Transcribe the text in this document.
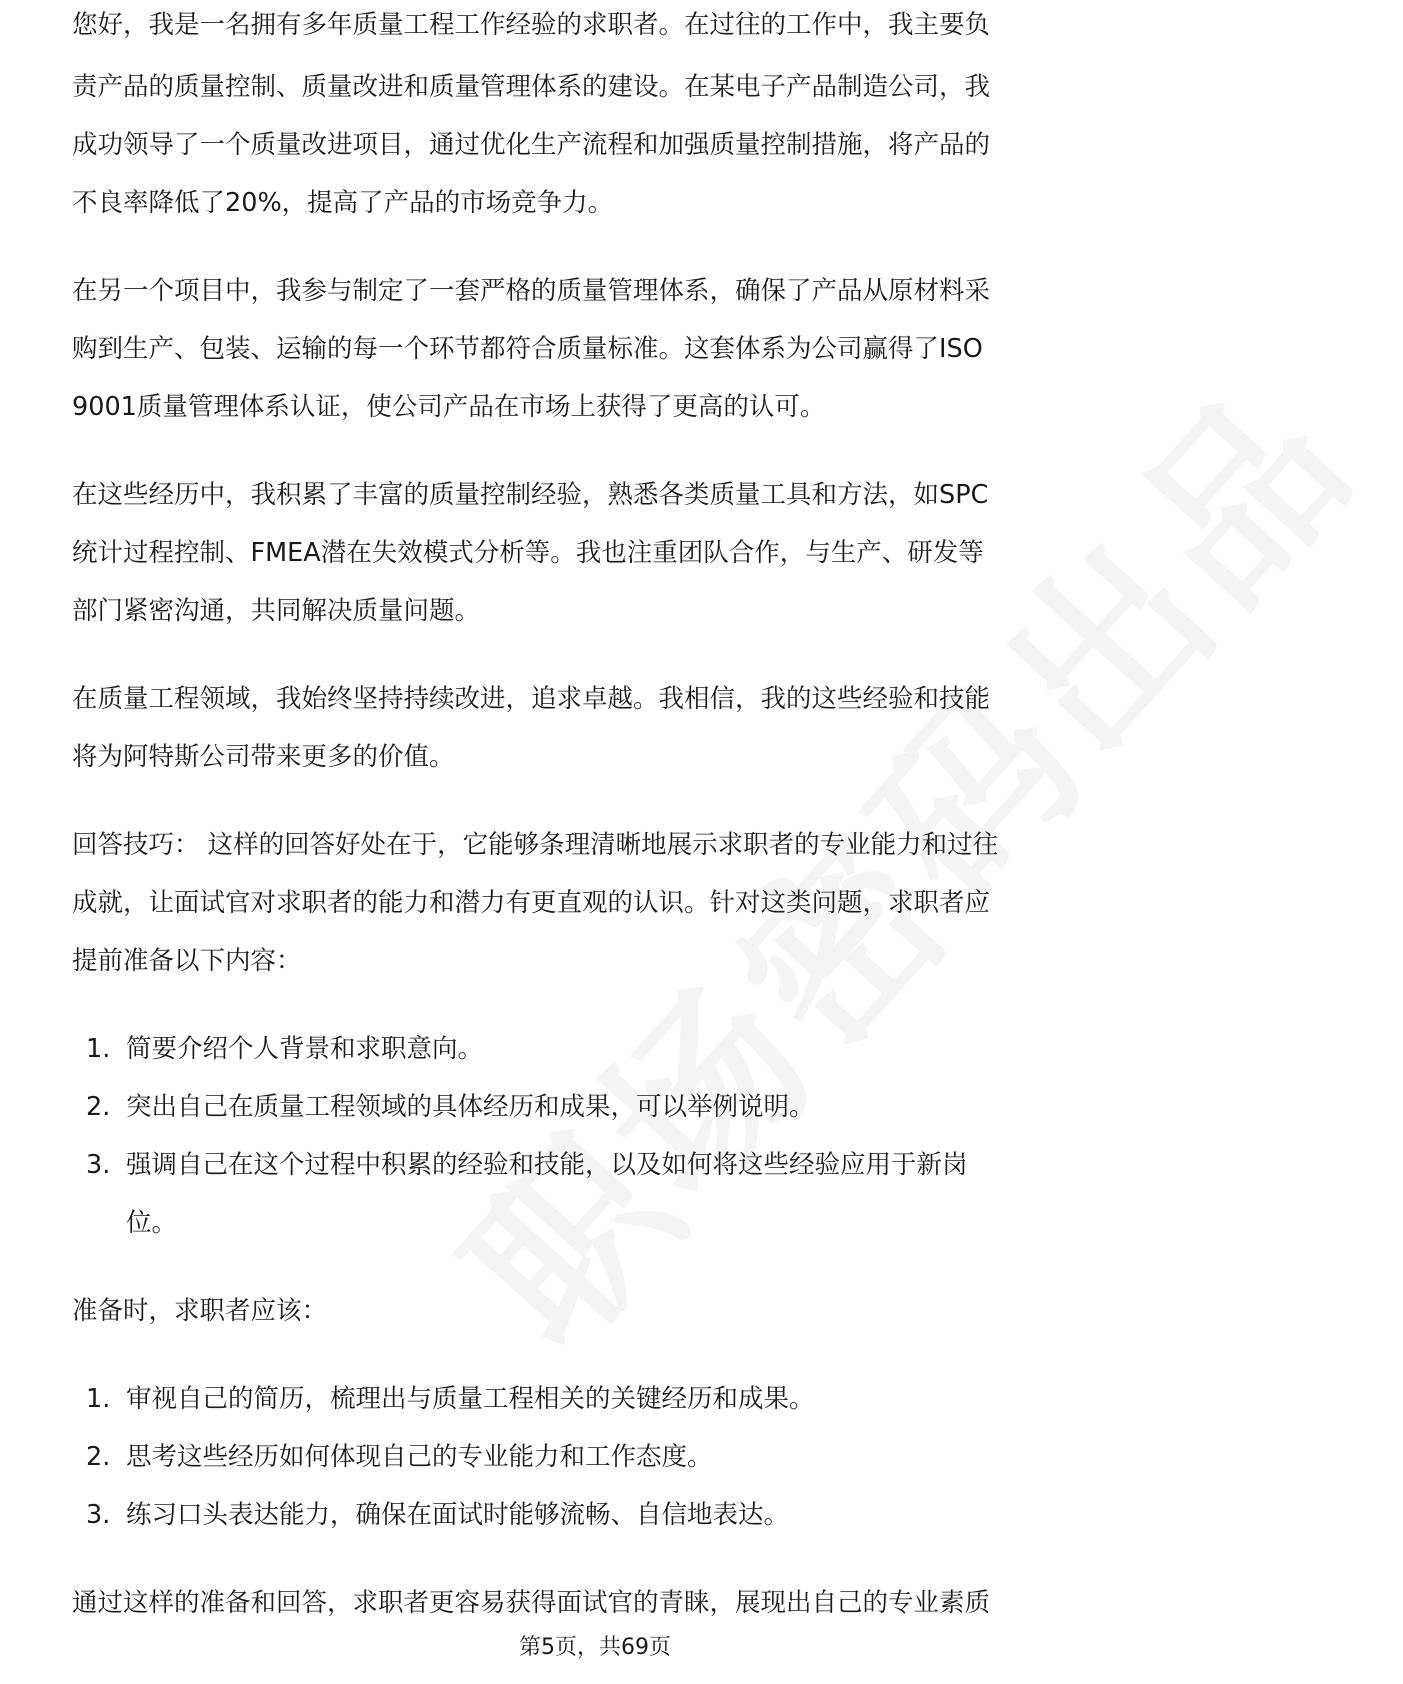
您好，我是一名拥有多年质量工程工作经验的求职者。在过往的工作中，我主要负
责产品的质量控制、质量改进和质量管理体系的建设。在某电子产品制造公司，我
成功领导了一个质量改进项目，通过优化生产流程和加强质量控制措施，将产品的
不良率降低了20%，提高了产品的市场竞争力。
在另一个项目中，我参与制定了一套严格的质量管理体系，确保了产品从原材料采
购到生产、包装、运输的每一个环节都符合质量标准。这套体系为公司赢得了ISO
9001质量管理体系认证，使公司产品在市场上获得了更高的认可。
在这些经历中，我积累了丰富的质量控制经验，熟悉各类质量工具和方法，如SPC
统计过程控制、FMEA潜在失效模式分析等。我也注重团队合作，与生产、研发等
部门紧密沟通，共同解决质量问题。
在质量工程领域，我始终坚持持续改进，追求卓越。我相信，我的这些经验和技能
将为阿特斯公司带来更多的价值。
回答技巧： 这样的回答好处在于，它能够条理清晰地展示求职者的专业能力和过往
成就，让面试官对求职者的能力和潜力有更直观的认识。针对这类问题，求职者应
提前准备以下内容：
1. 简要介绍个人背景和求职意向。
2. 突出自己在质量工程领域的具体经历和成果，可以举例说明。
3. 强调自己在这个过程中积累的经验和技能，以及如何将这些经验应用于新岗
位。
准备时，求职者应该：
1. 审视自己的简历，梳理出与质量工程相关的关键经历和成果。
2. 思考这些经历如何体现自己的专业能力和工作态度。
3. 练习口头表达能力，确保在面试时能够流畅、自信地表达。
通过这样的准备和回答，求职者更容易获得面试官的青睐，展现出自己的专业素质
第5页，共69页
